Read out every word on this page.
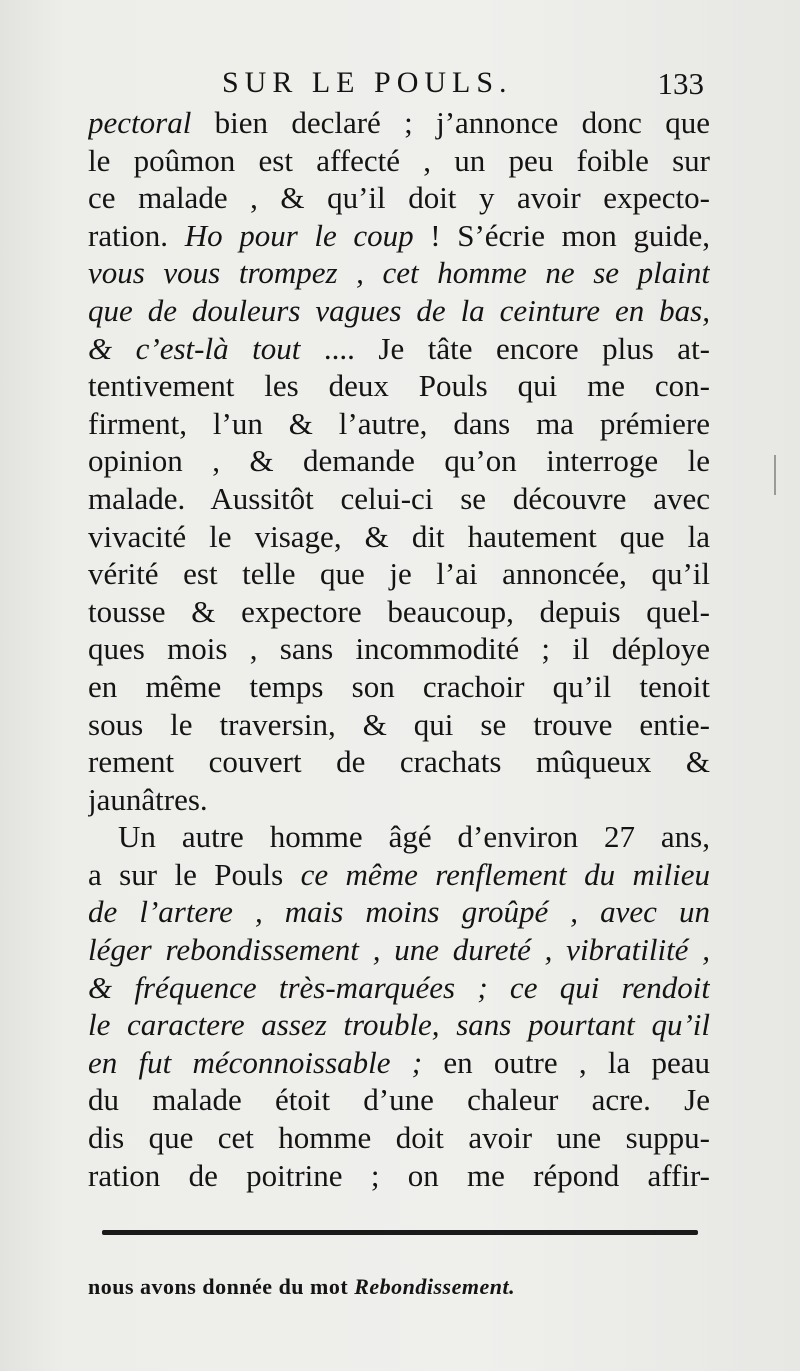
SUR LE POULS.	133
pectoral bien declaré ; j’annonce donc que
le poûmon est affecté , un peu foible sur
ce malade , & qu’il doit y avoir expecto-
ration. Ho pour le coup ! S’écrie mon guide,
vous vous trompez , cet homme ne se plaint
que de douleurs vagues de la ceinture en bas,
& c’est-là tout .... Je tâte encore plus at-
tentivement les deux Pouls qui me con-
firment, l’un & l’autre, dans ma prémiere
opinion , & demande qu’on interroge le
malade. Aussitôt celui-ci se découvre avec
vivacité le visage, & dit hautement que la
vérité est telle que je l’ai annoncée, qu’il
tousse & expectore beaucoup, depuis quel-
ques mois , sans incommodité ; il déploye
en même temps son crachoir qu’il tenoit
sous le traversin, & qui se trouve entie-
rement couvert de crachats mûqueux &
jaunâtres.
Un autre homme âgé d’environ 27 ans,
a sur le Pouls ce même renflement du milieu
de l’artere , mais moins groûpé , avec un
léger rebondissement , une dureté , vibratilité ,
& fréquence très-marquées ; ce qui rendoit
le caractere assez trouble, sans pourtant qu’il
en fut méconnoissable ; en outre , la peau
du malade étoit d’une chaleur acre. Je
dis que cet homme doit avoir une suppu-
ration de poitrine ; on me répond affir-
nous avons donnée du mot Rebondissement.
